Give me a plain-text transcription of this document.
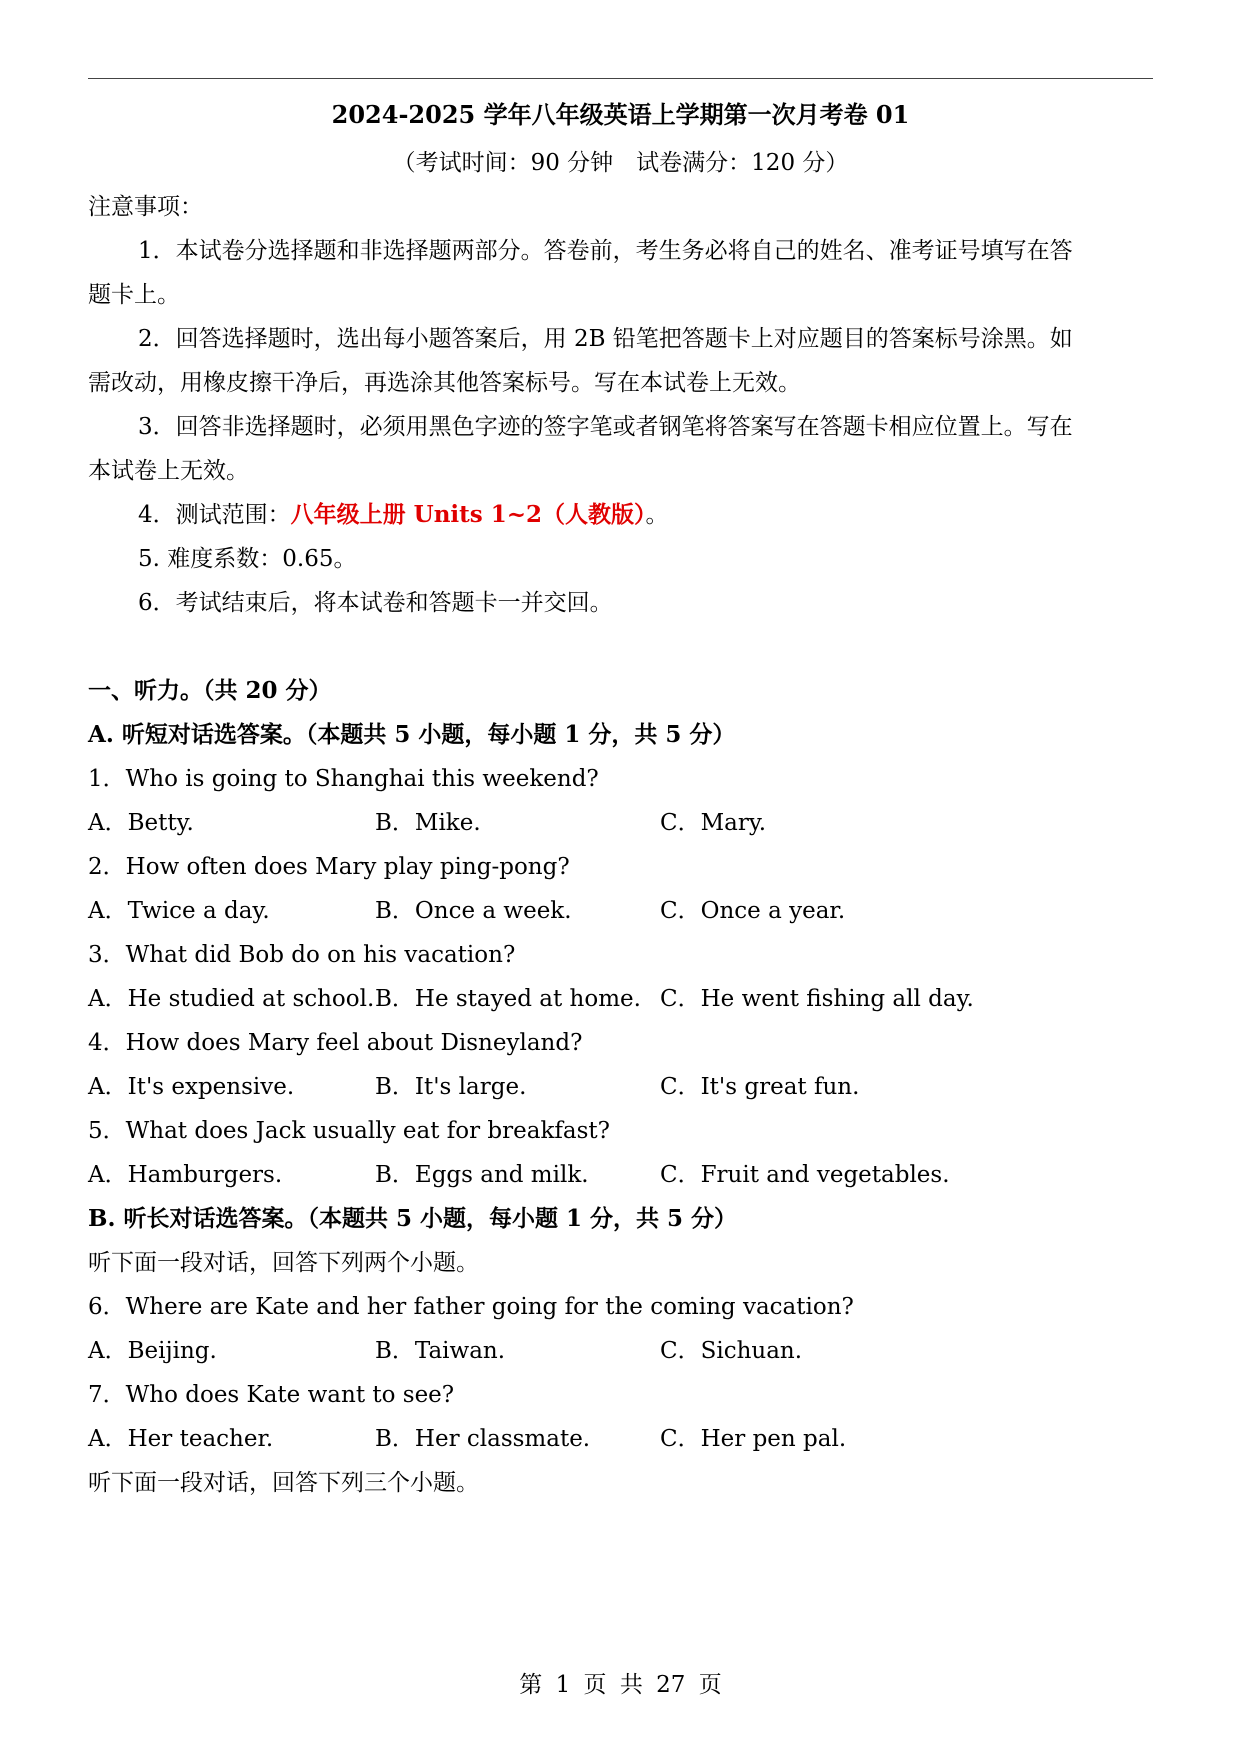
2024-2025 学年八年级英语上学期第一次月考卷 01
（考试时间：90 分钟　试卷满分：120 分）
注意事项：
1．本试卷分选择题和非选择题两部分。答卷前，考生务必将自己的姓名、准考证号填写在答
题卡上。
2．回答选择题时，选出每小题答案后，用 2B 铅笔把答题卡上对应题目的答案标号涂黑。如
需改动，用橡皮擦干净后，再选涂其他答案标号。写在本试卷上无效。
3．回答非选择题时，必须用黑色字迹的签字笔或者钢笔将答案写在答题卡相应位置上。写在
本试卷上无效。
4．测试范围：八年级上册 Units 1~2（人教版）。
5. 难度系数：0.65。
6．考试结束后，将本试卷和答题卡一并交回。
一、听力。（共 20 分）
A. 听短对话选答案。（本题共 5 小题，每小题 1 分，共 5 分）
1．Who is going to Shanghai this weekend?
A．Betty.	B．Mike.	C．Mary.
2．How often does Mary play ping-pong?
A．Twice a day.	B．Once a week.	C．Once a year.
3．What did Bob do on his vacation?
A．He studied at school. B．He stayed at home. C．He went fishing all day.
4．How does Mary feel about Disneyland?
A．It's expensive.	B．It's large.	C．It's great fun.
5．What does Jack usually eat for breakfast?
A．Hamburgers.	B．Eggs and milk.	C．Fruit and vegetables.
B. 听长对话选答案。（本题共 5 小题，每小题 1 分，共 5 分）
听下面一段对话，回答下列两个小题。
6．Where are Kate and her father going for the coming vacation?
A．Beijing.	B．Taiwan.	C．Sichuan.
7．Who does Kate want to see?
A．Her teacher.	B．Her classmate.	C．Her pen pal.
听下面一段对话，回答下列三个小题。
第 1 页 共 27 页
